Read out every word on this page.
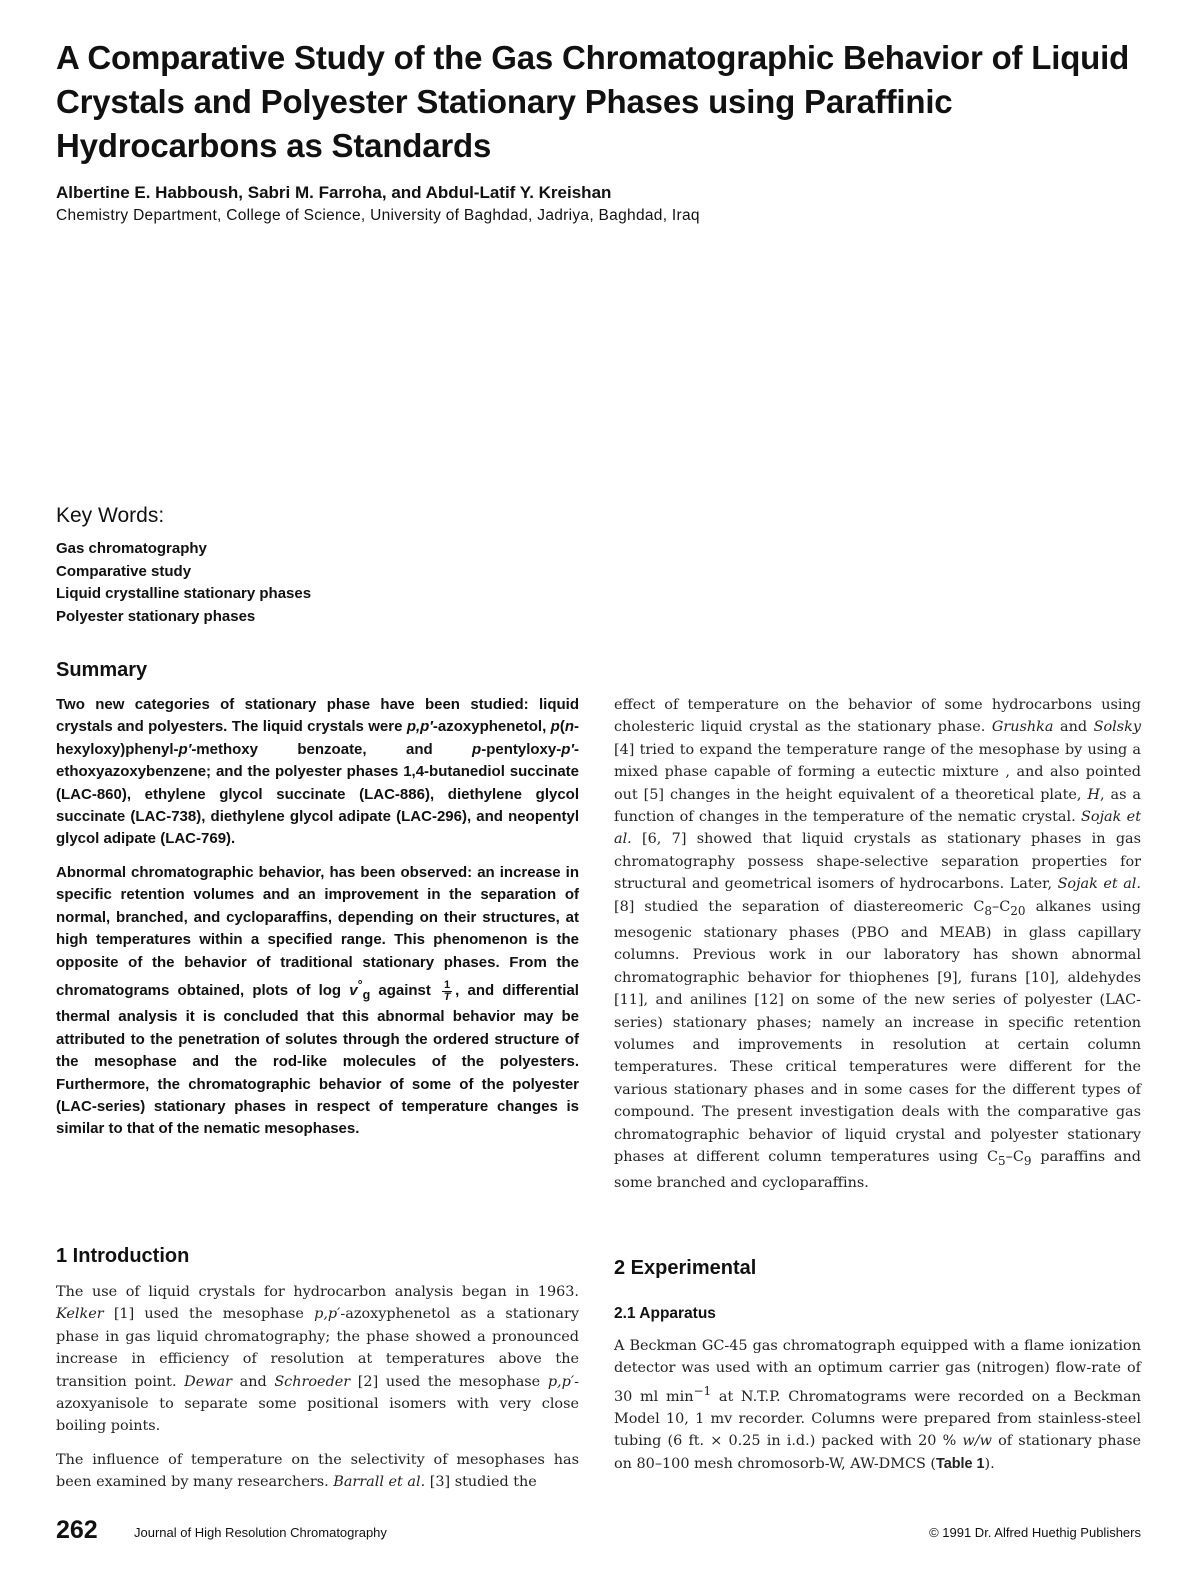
A Comparative Study of the Gas Chromatographic Behavior of Liquid Crystals and Polyester Stationary Phases using Paraffinic Hydrocarbons as Standards
Albertine E. Habboush, Sabri M. Farroha, and Abdul-Latif Y. Kreishan
Chemistry Department, College of Science, University of Baghdad, Jadriya, Baghdad, Iraq
Key Words:
Gas chromatography
Comparative study
Liquid crystalline stationary phases
Polyester stationary phases
Summary

Two new categories of stationary phase have been studied: liquid crystals and polyesters. The liquid crystals were p,p′-azoxyphenetol, p(n-hexyloxy)phenyl-p′-methoxy benzoate, and p-pentyloxy-p′-ethoxyazoxybenzene; and the polyester phases 1,4-butanediol succinate (LAC-860), ethylene glycol succinate (LAC-886), diethylene glycol succinate (LAC-738), diethylene glycol adipate (LAC-296), and neopentyl glycol adipate (LAC-769).

Abnormal chromatographic behavior, has been observed: an increase in specific retention volumes and an improvement in the separation of normal, branched, and cycloparaffins, depending on their structures, at high temperatures within a specified range. This phenomenon is the opposite of the behavior of traditional stationary phases. From the chromatograms obtained, plots of $\log v^\circ_g$ against $\frac{1}{T}$ , and differential thermal analysis it is concluded that this abnormal behavior may be attributed to the penetration of solutes through the ordered structure of the mesophase and the rod-like molecules of the polyesters. Furthermore, the chromatographic behavior of some of the polyester (LAC-series) stationary phases in respect of temperature changes is similar to that of the nematic mesophases.

1 Introduction

The use of liquid crystals for hydrocarbon analysis began in 1963. Kelker [1] used the mesophase p,p′-azoxyphenetol as a stationary phase in gas liquid chromatography; the phase showed a pronounced increase in efficiency of resolution at temperatures above the transition point. Dewar and Schroeder [2] used the mesophase p,p′-azoxyanisole to separate some positional isomers with very close boiling points.

The influence of temperature on the selectivity of mesophases has been examined by many researchers. Barrall et al. [3] studied the

effect of temperature on the behavior of some hydrocarbons using cholesteric liquid crystal as the stationary phase. Grushka and Solsky [4] tried to expand the temperature range of the mesophase by using a mixed phase capable of forming a eutectic mixture , and also pointed out [5] changes in the height equivalent of a theoretical plate, H, as a function of changes in the temperature of the nematic crystal. Sojak et al. [6, 7] showed that liquid crystals as stationary phases in gas chromatography possess shape-selective separation properties for structural and geometrical isomers of hydrocarbons. Later, Sojak et al. [8] studied the separation of diastereomeric $C_8-C_{20}$ alkanes using mesogenic stationary phases (PBO and MEAB) in glass capillary columns. Previous work in our laboratory has shown abnormal chromatographic behavior for thiophenes [9], furans [10], aldehydes [11], and anilines [12] on some of the new series of polyester (LAC-series) stationary phases; namely an increase in specific retention volumes and improvements in resolution at certain column temperatures. These critical temperatures were different for the various stationary phases and in some cases for the different types of compound. The present investigation deals with the comparative gas chromatographic behavior of liquid crystal and polyester stationary phases at different column temperatures using $C_5-C_9$ paraffins and some branched and cycloparaffins.

2 Experimental
2.1 Apparatus

A Beckman GC-45 gas chromatograph equipped with a flame ionization detector was used with an optimum carrier gas (nitrogen) flow-rate of 30 ml $\min^{-1}$ at N.T.P. Chromatograms were recorded on a Beckman Model 10, 1 mv recorder. Columns were prepared from stainless-steel tubing (6 ft. × 0.25 in i.d.) packed with 20 % w/w of stationary phase on 80–100 mesh chromosorb-W, AW-DMCS (Table 1).

262	Journal of High Resolution Chromatography	© 1991 Dr. Alfred Huethig Publishers
